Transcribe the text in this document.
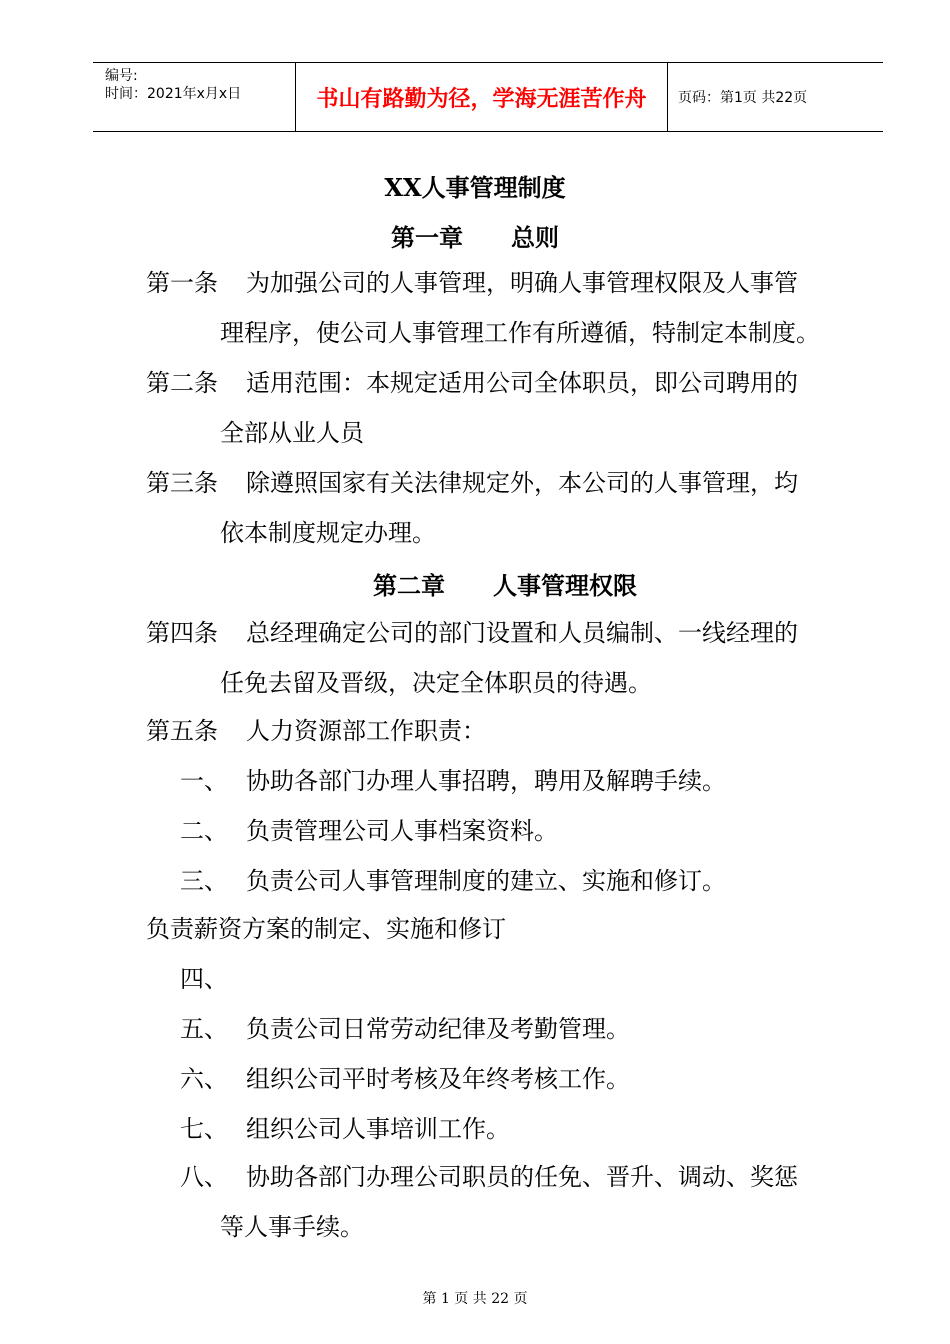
编号:
时间：2021年x月x日	书山有路勤为径，学海无涯苦作舟	页码：第1页 共22页
XX人事管理制度
第一章　　总则
第一条 为加强公司的人事管理，明确人事管理权限及人事管
理程序，使公司人事管理工作有所遵循，特制定本制度。
第二条 适用范围：本规定适用公司全体职员，即公司聘用的
全部从业人员
第三条 除遵照国家有关法律规定外，本公司的人事管理，均
依本制度规定办理。
第二章　　人事管理权限
第四条 总经理确定公司的部门设置和人员编制、一线经理的
任免去留及晋级，决定全体职员的待遇。
第五条 人力资源部工作职责：
一、 协助各部门办理人事招聘，聘用及解聘手续。
二、 负责管理公司人事档案资料。
三、 负责公司人事管理制度的建立、实施和修订。
负责薪资方案的制定、实施和修订
四、
五、 负责公司日常劳动纪律及考勤管理。
六、 组织公司平时考核及年终考核工作。
七、 组织公司人事培训工作。
八、 协助各部门办理公司职员的任免、晋升、调动、奖惩
等人事手续。
第 1 页 共 22 页
